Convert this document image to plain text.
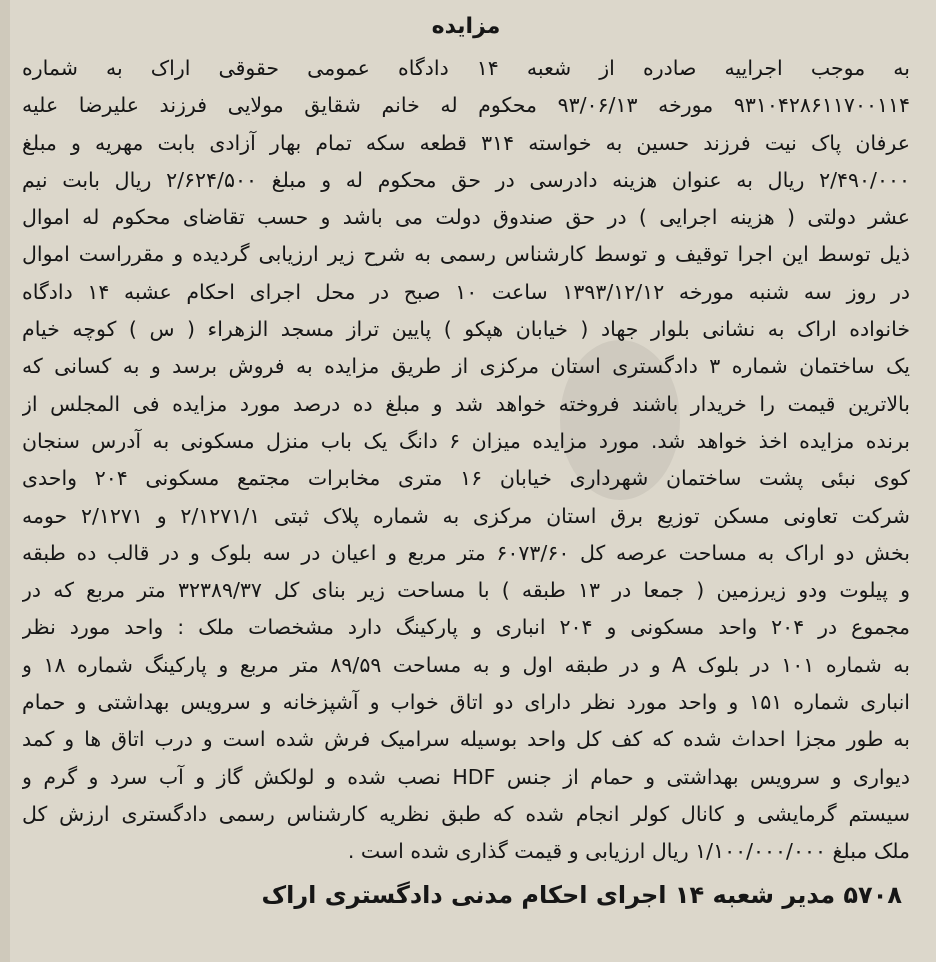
مزایده
به موجب اجراییه صادره از شعبه ۱۴ دادگاه عمومی حقوقی اراک به شماره
۹۳۱۰۴۲۸۶۱۱۷۰۰۱۱۴ مورخه ۹۳/۰۶/۱۳ محکوم له خانم شقایق مولایی فرزند علیرضا علیه
عرفان پاک نیت فرزند حسین به خواسته ۳۱۴ قطعه سکه تمام بهار آزادی بابت مهریه و مبلغ
۲/۴۹۰/۰۰۰ ریال به عنوان هزینه دادرسی در حق محکوم له و مبلغ ۲/۶۲۴/۵۰۰ ریال بابت نیم
عشر دولتی ( هزینه اجرایی ) در حق صندوق دولت می باشد و حسب تقاضای محکوم له اموال
ذیل توسط این اجرا توقیف و توسط کارشناس رسمی به شرح زیر ارزیابی گردیده و مقرراست اموال
در روز سه شنبه مورخه ۱۳۹۳/۱۲/۱۲ ساعت ۱۰ صبح در محل اجرای احکام عشبه ۱۴ دادگاه
خانواده اراک به نشانی بلوار جهاد ( خیابان هپکو ) پایین تراز مسجد الزهراء ( س ) کوچه خیام
یک ساختمان شماره ۳ دادگستری استان مرکزی از طریق مزایده به فروش برسد و به کسانی که
بالاترین قیمت را خریدار باشند فروخته خواهد شد و مبلغ ده درصد مورد مزایده فی المجلس از
برنده مزایده اخذ خواهد شد. مورد مزایده میزان ۶ دانگ یک باب منزل مسکونی به آدرس سنجان
کوی نبئی پشت ساختمان شهرداری خیابان ۱۶ متری مخابرات مجتمع مسکونی ۲۰۴ واحدی
شرکت تعاونی مسکن توزیع برق استان مرکزی به شماره پلاک ثبتی ۲/۱۲۷۱/۱ و ۲/۱۲۷۱ حومه
بخش دو اراک به مساحت عرصه کل ۶۰۷۳/۶۰ متر مربع و اعیان در سه بلوک و در قالب ده طبقه
و پیلوت ودو زیرزمین ( جمعا در ۱۳ طبقه ) با مساحت زیر بنای کل ۳۲۳۸۹/۳۷ متر مربع که در
مجموع در ۲۰۴ واحد مسکونی و ۲۰۴ انباری و پارکینگ دارد مشخصات ملک : واحد مورد نظر
به شماره ۱۰۱ در بلوک A و در طبقه اول و به مساحت ۸۹/۵۹ متر مربع و پارکینگ شماره ۱۸ و
انباری شماره ۱۵۱ و واحد مورد نظر دارای دو اتاق خواب و آشپزخانه و سرویس بهداشتی و حمام
به طور مجزا احداث شده که کف کل واحد بوسیله سرامیک فرش شده است و درب اتاق ها و کمد
دیواری و سرویس بهداشتی و حمام از جنس HDF نصب شده و لولکش گاز و آب سرد و گرم و
سیستم گرمایشی و کانال کولر انجام شده که طبق نظریه کارشناس رسمی دادگستری ارزش کل
ملک مبلغ ۱/۱۰۰/۰۰۰/۰۰۰ ریال ارزیابی و قیمت گذاری شده است .
۵۷۰۸ مدیر شعبه ۱۴ اجرای احکام مدنی دادگستری اراک
